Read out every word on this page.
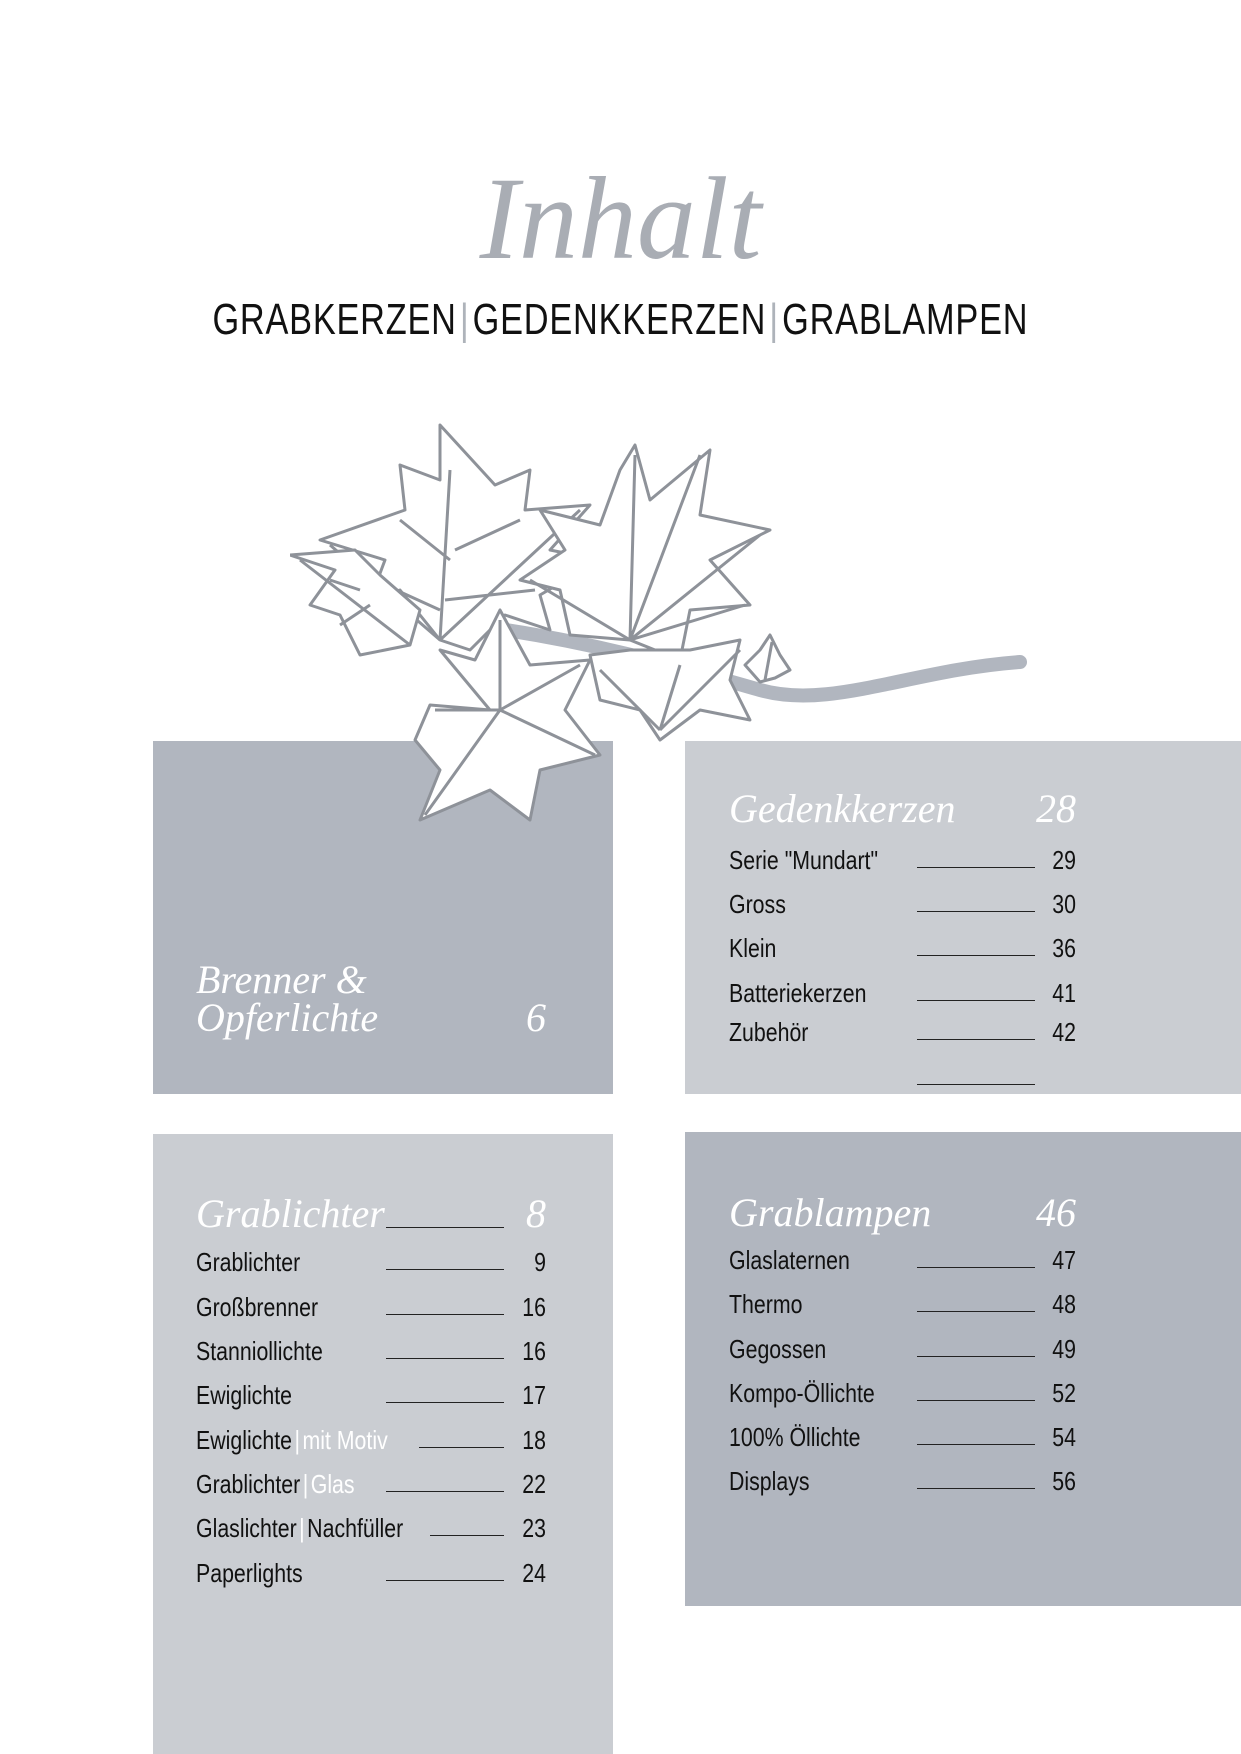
Inhalt
GRABKERZEN|GEDENKKERZEN|GRABLAMPEN
Brenner &
Opferlichte	6
Gedenkkerzen	28
Serie "Mundart"	29
Gross	30
Klein	36
Batteriekerzen	41
Zubehör	42
Grablichter	8
Grablichter	9
Großbrenner	16
Stanniollichte	16
Ewiglichte	17
Ewiglichte|mit Motiv	18
Grablichter|Glas	22
Glaslichter|Nachfüller	23
Paperlights	24
Grablampen	46
Glaslaternen	47
Thermo	48
Gegossen	49
Kompo-Öllichte	52
100% Öllichte	54
Displays	56
